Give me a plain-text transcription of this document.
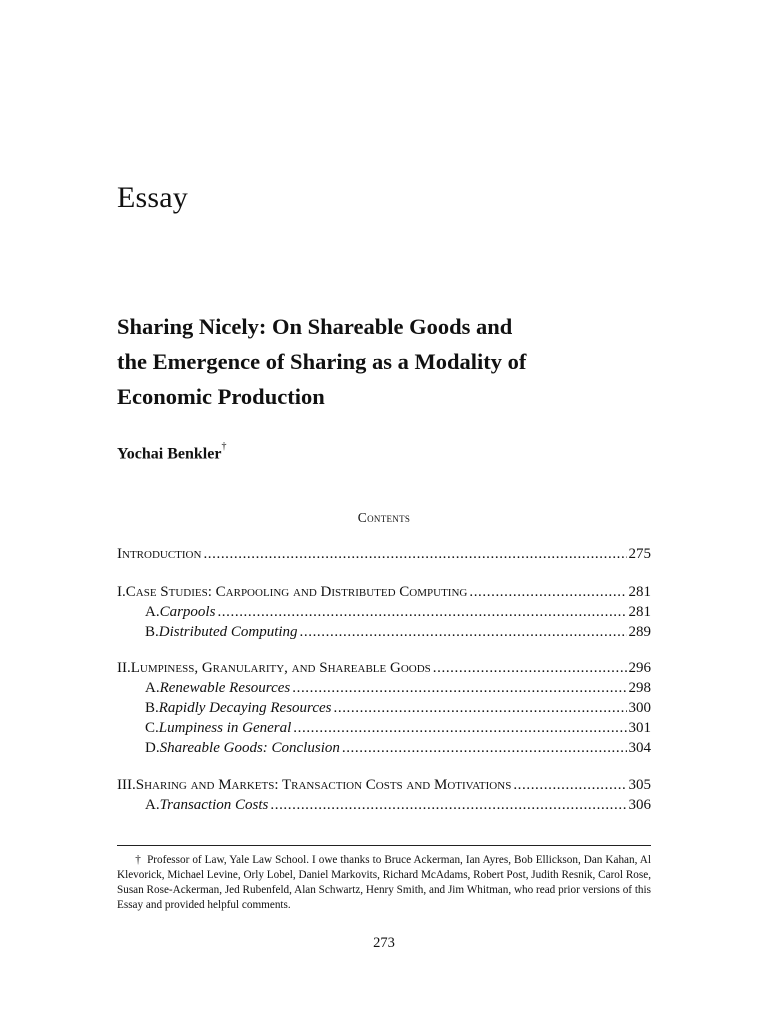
Essay
Sharing Nicely: On Shareable Goods and
the Emergence of Sharing as a Modality of
Economic Production
Yochai Benkler†
Contents
Introduction .....	275
I. Case Studies: Carpooling and Distributed Computing .....	281
A. Carpools .....	281
B. Distributed Computing .....	289
II. Lumpiness, Granularity, and Shareable Goods .....	296
A. Renewable Resources .....	298
B. Rapidly Decaying Resources .....	300
C. Lumpiness in General .....	301
D. Shareable Goods: Conclusion .....	304
III. Sharing and Markets: Transaction Costs and Motivations .....	305
A. Transaction Costs .....	306
† Professor of Law, Yale Law School. I owe thanks to Bruce Ackerman, Ian Ayres, Bob Ellickson, Dan Kahan, Al Klevorick, Michael Levine, Orly Lobel, Daniel Markovits, Richard McAdams, Robert Post, Judith Resnik, Carol Rose, Susan Rose-Ackerman, Jed Rubenfeld, Alan Schwartz, Henry Smith, and Jim Whitman, who read prior versions of this Essay and provided helpful comments.
273
